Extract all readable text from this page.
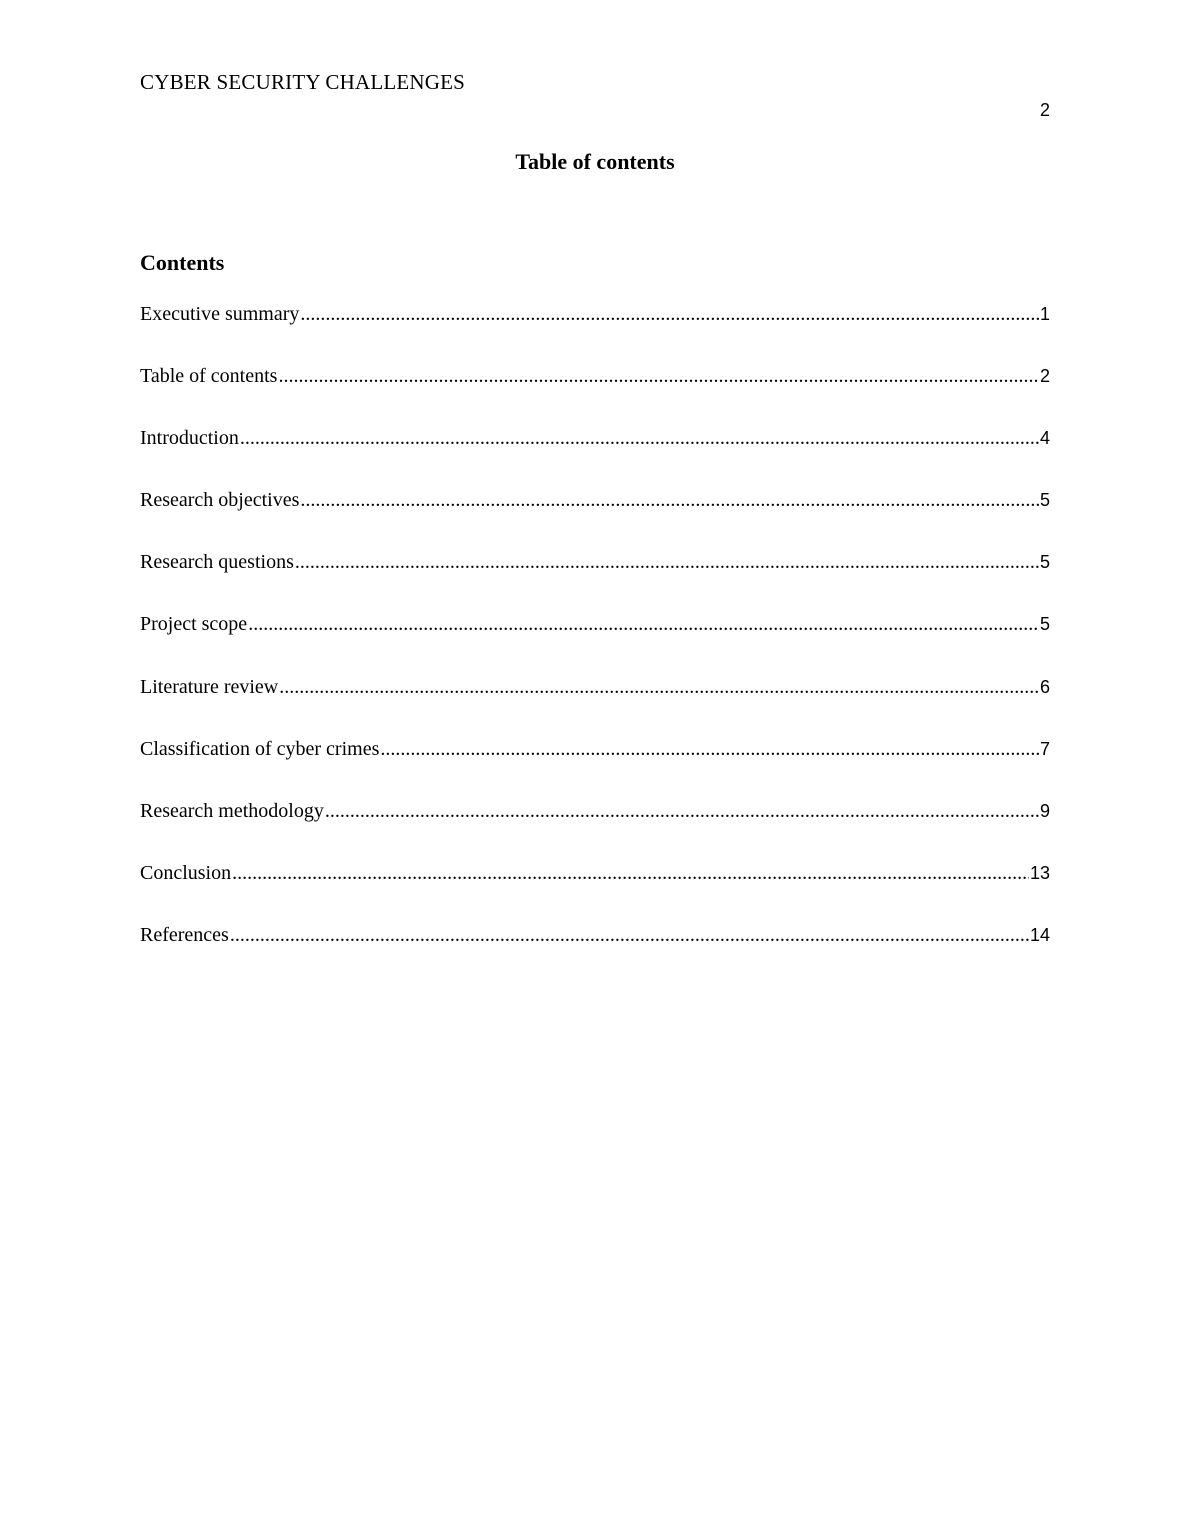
CYBER SECURITY CHALLENGES
2
Table of contents
Contents
Executive summary .....	1
Table of contents .....	2
Introduction .....	4
Research objectives .....	5
Research questions .....	5
Project scope .....	5
Literature review .....	6
Classification of cyber crimes .....	7
Research methodology .....	9
Conclusion .....	13
References .....	14
